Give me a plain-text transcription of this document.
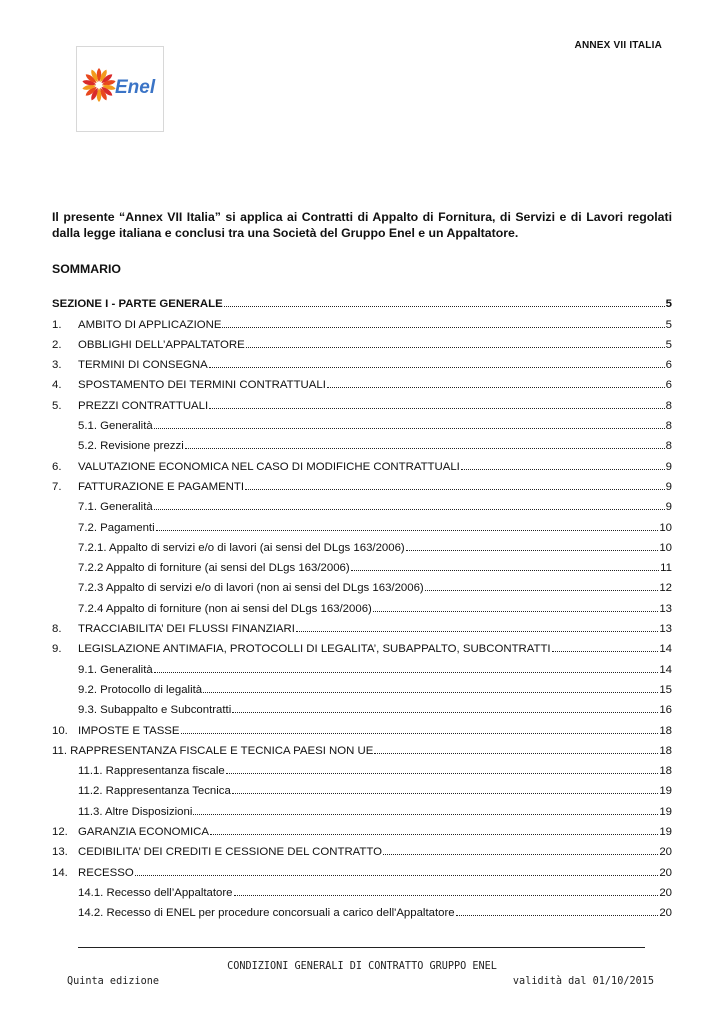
ANNEX VII ITALIA
Enel
Il presente “Annex VII Italia” si applica ai Contratti di Appalto di Fornitura, di Servizi e di Lavori regolati dalla legge italiana e conclusi tra una Società del Gruppo Enel e un Appaltatore.
SOMMARIO
SEZIONE I - PARTE GENERALE	5
1.	AMBITO DI APPLICAZIONE	5
2.	OBBLIGHI DELL’APPALTATORE	5
3.	TERMINI DI CONSEGNA	6
4.	SPOSTAMENTO DEI TERMINI CONTRATTUALI	6
5.	PREZZI CONTRATTUALI	8
5.1. Generalità	8
5.2. Revisione prezzi	8
6.	VALUTAZIONE ECONOMICA NEL CASO DI MODIFICHE CONTRATTUALI	9
7.	FATTURAZIONE E PAGAMENTI	9
7.1. Generalità	9
7.2. Pagamenti	10
7.2.1. Appalto di servizi e/o di lavori (ai sensi del DLgs 163/2006)	10
7.2.2 Appalto di forniture (ai sensi del DLgs 163/2006)	11
7.2.3 Appalto di servizi e/o di lavori (non ai sensi del DLgs 163/2006)	12
7.2.4 Appalto di forniture (non ai sensi del DLgs 163/2006)	13
8.	TRACCIABILITA’ DEI FLUSSI FINANZIARI	13
9.	LEGISLAZIONE ANTIMAFIA, PROTOCOLLI DI LEGALITA’, SUBAPPALTO, SUBCONTRATTI	14
9.1. Generalità	14
9.2. Protocollo di legalità	15
9.3. Subappalto e Subcontratti	16
10. IMPOSTE E TASSE	18
11. RAPPRESENTANZA FISCALE E TECNICA PAESI NON UE	18
11.1. Rappresentanza fiscale	18
11.2. Rappresentanza Tecnica	19
11.3. Altre Disposizioni	19
12. GARANZIA ECONOMICA	19
13. CEDIBILITA’ DEI CREDITI E CESSIONE DEL CONTRATTO	20
14. RECESSO	20
14.1. Recesso dell’Appaltatore	20
14.2. Recesso di ENEL per procedure concorsuali a carico dell'Appaltatore	20
CONDIZIONI GENERALI DI CONTRATTO GRUPPO ENEL
Quinta edizione	validità dal 01/10/2015
